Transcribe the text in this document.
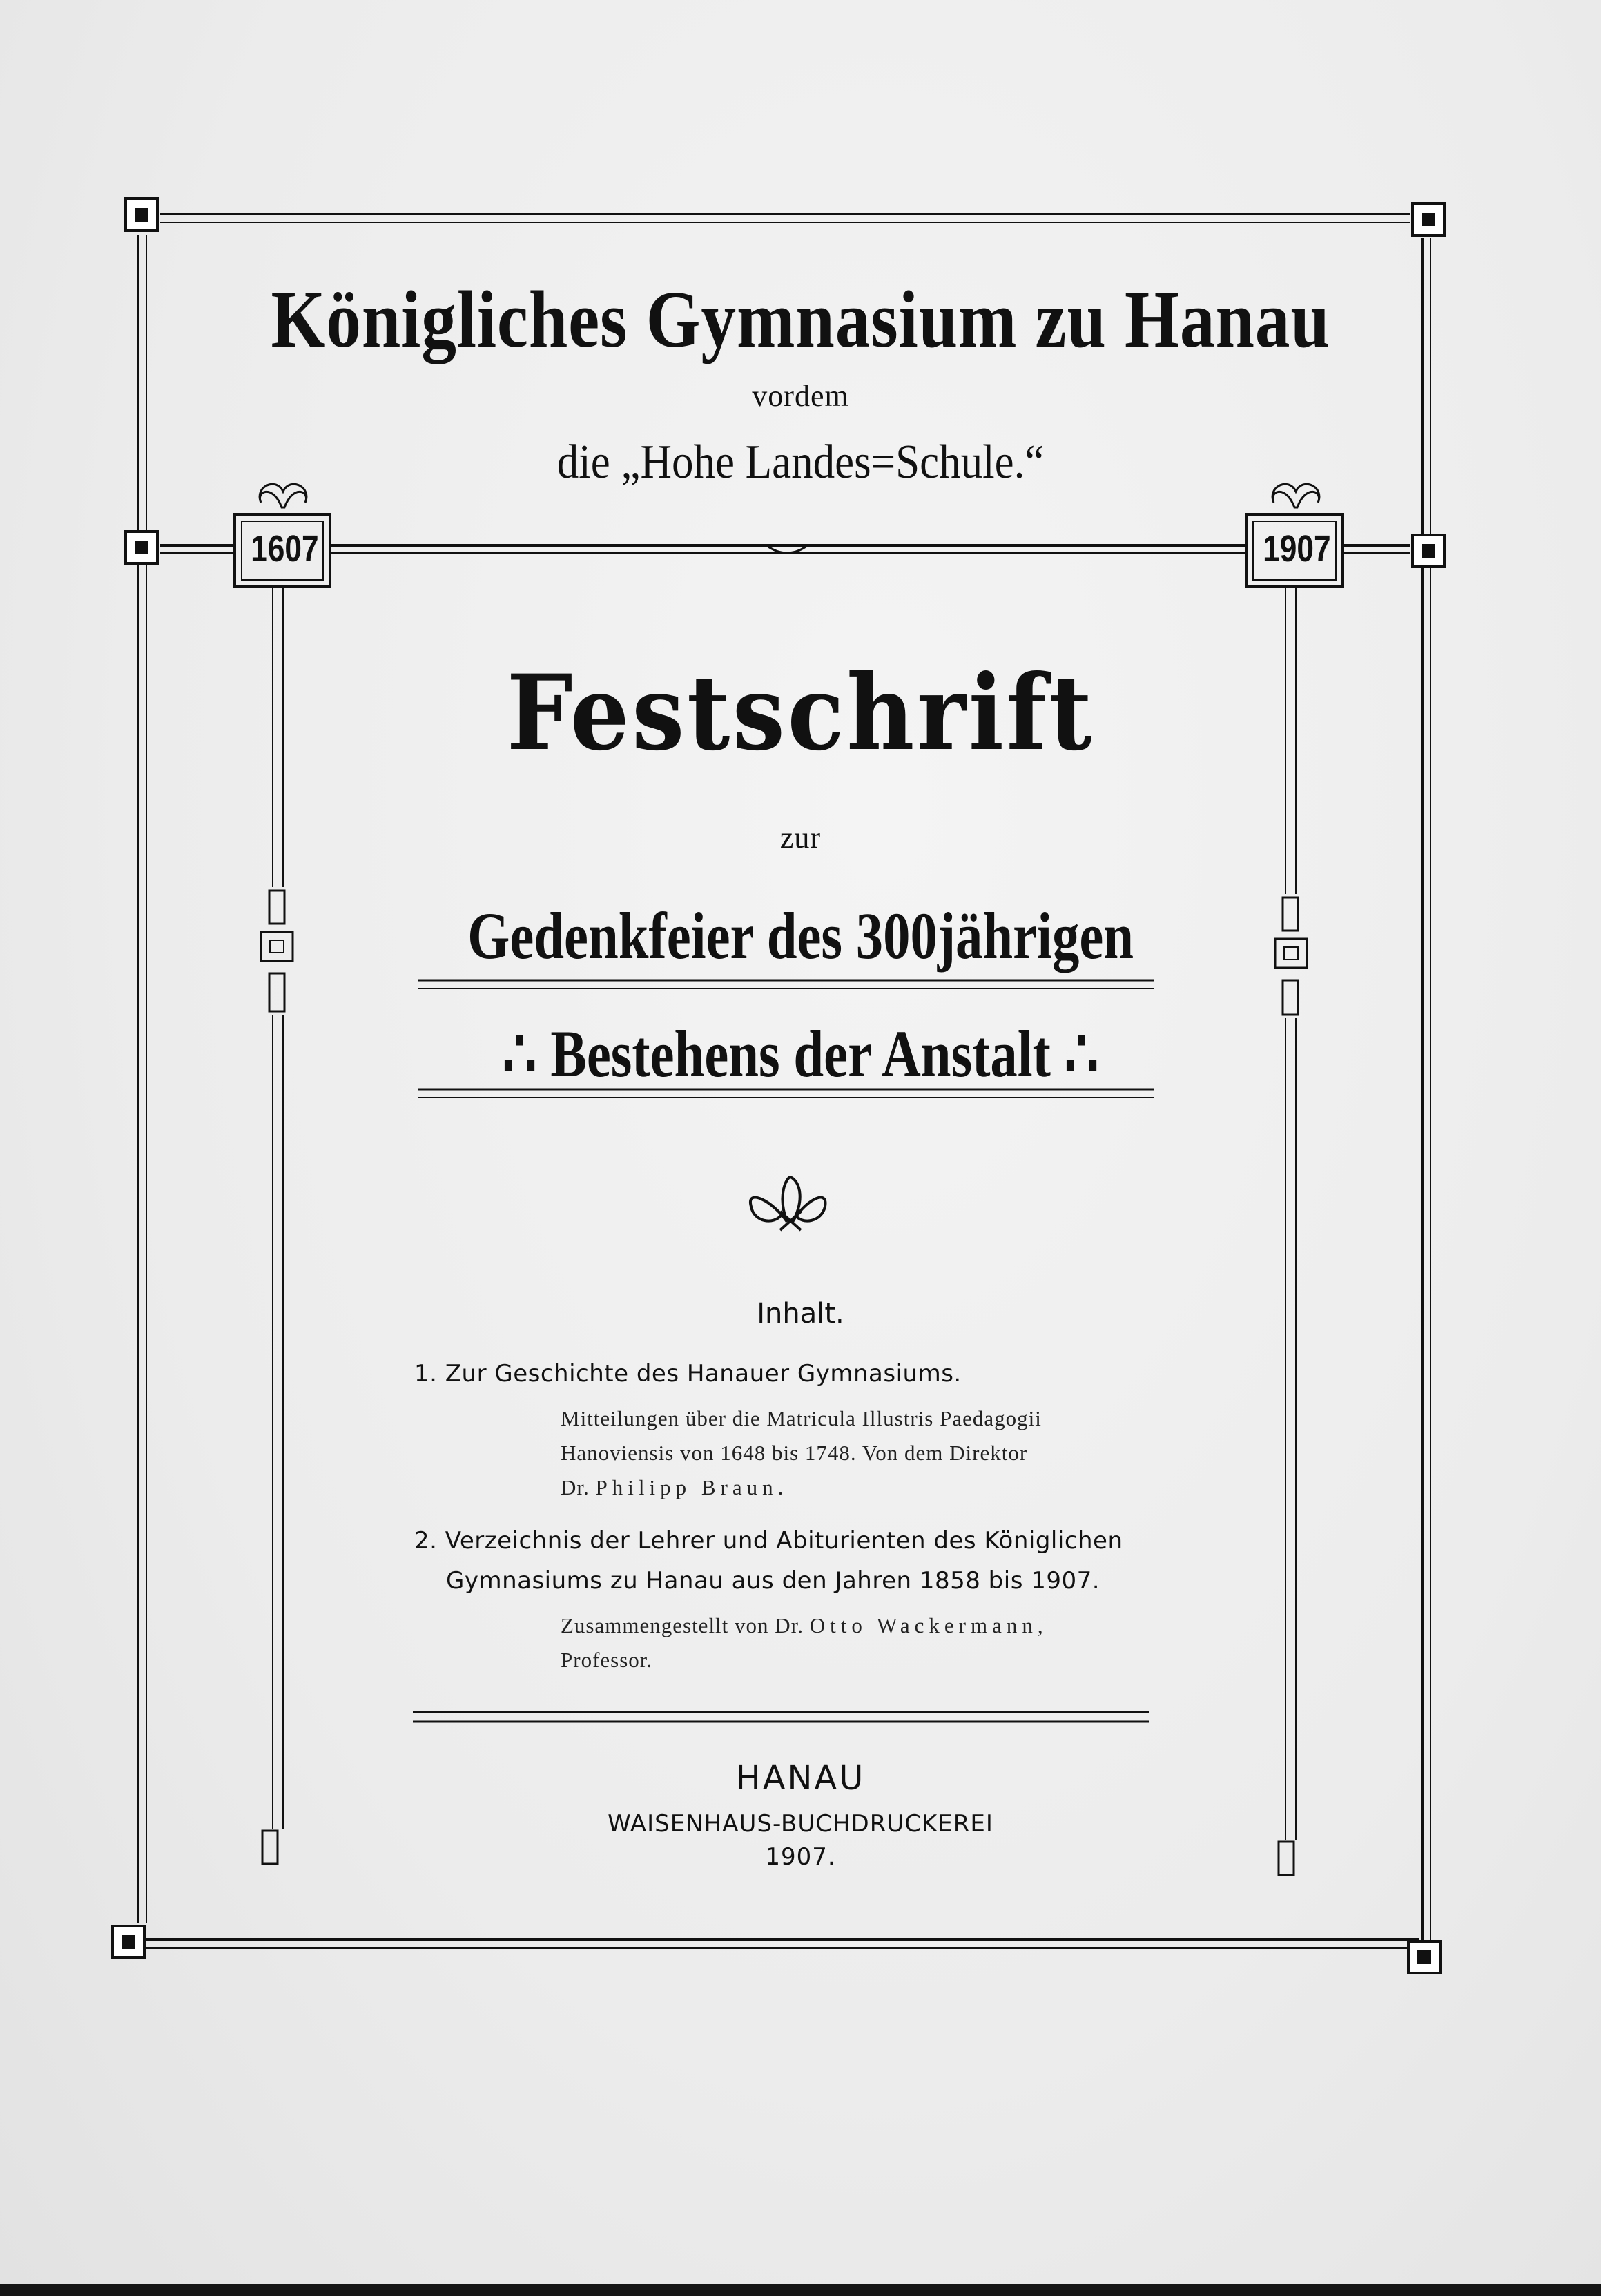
Königliches Gymnasium zu Hanau
vordem
die „Hohe Landes=Schule.“
1607	1907
Festschrift
zur
Gedenkfeier des 300jährigen
∴ Bestehens der Anstalt ∴
Inhalt.
1. Zur Geschichte des Hanauer Gymnasiums.
Mitteilungen über die Matricula Illustris Paedagogii
Hanoviensis von 1648 bis 1748. Von dem Direktor
Dr. Philipp Braun.
2. Verzeichnis der Lehrer und Abiturienten des Königlichen
Gymnasiums zu Hanau aus den Jahren 1858 bis 1907.
Zusammengestellt von Dr. Otto Wackermann,
Professor.
HANAU
WAISENHAUS-BUCHDRUCKEREI
1907.
